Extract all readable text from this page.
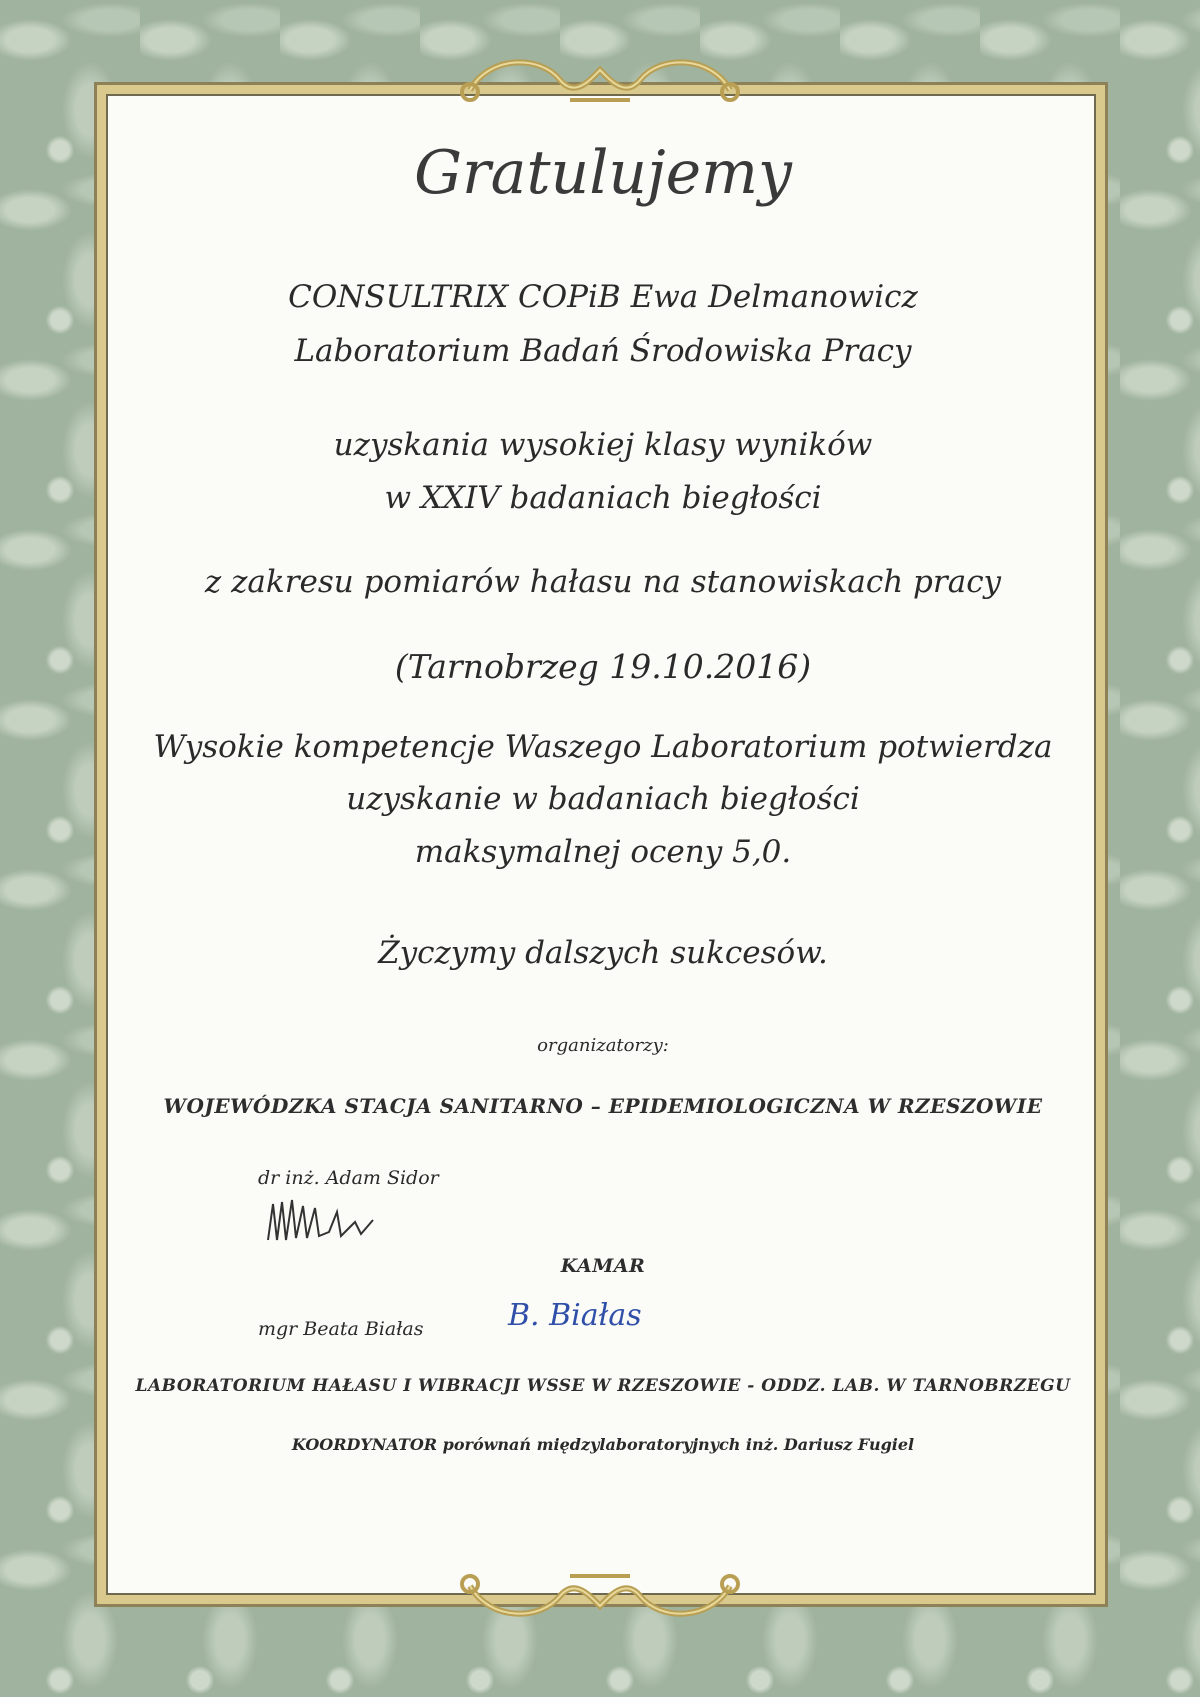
Gratulujemy
CONSULTRIX COPiB Ewa Delmanowicz
Laboratorium Badań Środowiska Pracy
uzyskania wysokiej klasy wyników
w XXIV badaniach biegłości
z zakresu pomiarów hałasu na stanowiskach pracy
(Tarnobrzeg 19.10.2016)
Wysokie kompetencje Waszego Laboratorium potwierdza
uzyskanie w badaniach biegłości
maksymalnej oceny 5,0.
Życzymy dalszych sukcesów.
organizatorzy:
WOJEWÓDZKA STACJA SANITARNO – EPIDEMIOLOGICZNA W RZESZOWIE
dr inż. Adam Sidor
KAMAR
mgr Beata Białas	B. Białas
LABORATORIUM HAŁASU I WIBRACJI WSSE W RZESZOWIE - ODDZ. LAB. W TARNOBRZEGU
KOORDYNATOR porównań międzylaboratoryjnych inż. Dariusz Fugiel
